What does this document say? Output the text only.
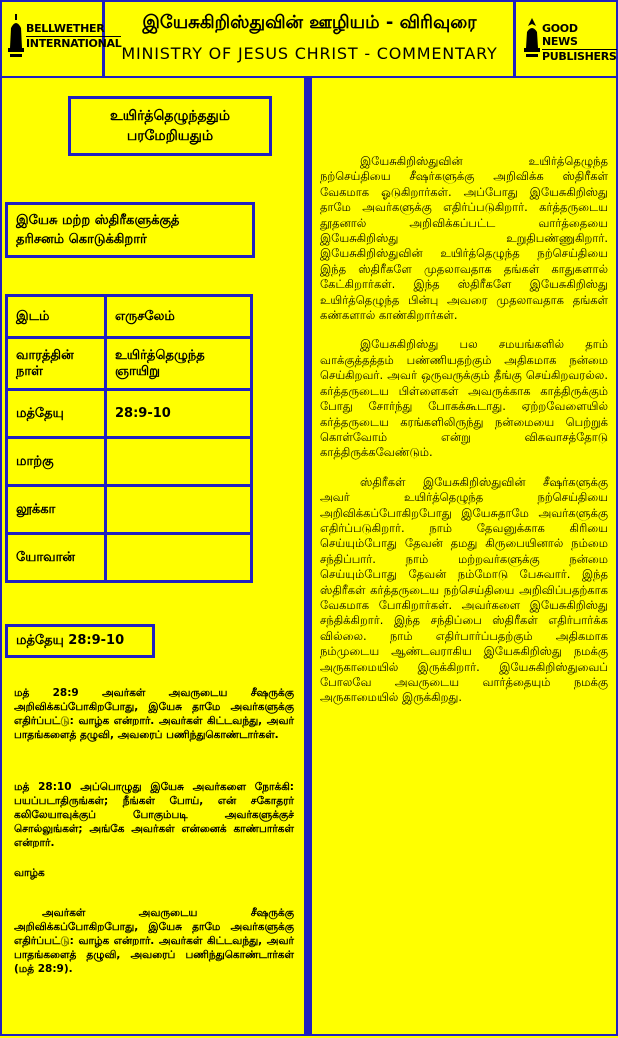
BELLWETHER
INTERNATIONAL
இயேசுகிறிஸ்துவின் ஊழியம் - விரிவுரை
MINISTRY OF JESUS CHRIST - COMMENTARY
GOOD NEWS
PUBLISHERS
உயிர்த்தெழுந்ததும்
பரமேறியதும்
இயேசு மற்ற ஸ்திரீகளுக்குத்
தரிசனம் கொடுக்கிறார்
இடம்	எருசலேம்
வாரத்தின் நாள்	உயிர்த்தெழுந்த ஞாயிறு
மத்தேயு	28:9-10
மாற்கு	
லூக்கா	
யோவான்	
மத்தேயு 28:9-10
மத் 28:9 அவர்கள் அவருடைய சீஷருக்கு அறிவிக்கப்போகிறபோது, இயேசு தாமே அவர்களுக்கு எதிர்ப்பட்டு: வாழ்க என்றார். அவர்கள் கிட்டவந்து, அவர் பாதங்களைத் தழுவி, அவரைப் பணிந்துகொண்டார்கள்.
மத் 28:10 அப்பொழுது இயேசு அவர்களை நோக்கி: பயப்படாதிருங்கள்; நீங்கள் போய், என் சகோதரர் கலிலேயாவுக்குப் போகும்படி அவர்களுக்குச் சொல்லுங்கள்; அங்கே அவர்கள் என்னைக் காண்பார்கள் என்றார்.
வாழ்க
அவர்கள் அவருடைய சீஷருக்கு அறிவிக்கப்போகிறபோது, இயேசு தாமே அவர்களுக்கு எதிர்ப்பட்டு: வாழ்க என்றார். அவர்கள் கிட்டவந்து, அவர் பாதங்களைத் தழுவி, அவரைப் பணிந்துகொண்டார்கள் (மத் 28:9).

இயேசுகிறிஸ்துவின் உயிர்த்தெழுந்த நற்செய்தியை சீஷர்களுக்கு அறிவிக்க ஸ்திரீகள் வேகமாக ஓடுகிறார்கள். அப்போது இயேசுகிறிஸ்து தாமே அவர்களுக்கு எதிர்ப்படுகிறார். கர்த்தருடைய தூதனால் அறிவிக்கப்பட்ட வார்த்தையை இயேசுகிறிஸ்து உறுதிபண்ணுகிறார். இயேசுகிறிஸ்துவின் உயிர்த்தெழுந்த நற்செய்தியை இந்த ஸ்திரீகளே முதலாவதாக தங்கள் காதுகளால் கேட்கிறார்கள். இந்த ஸ்திரீகளே இயேசுகிறிஸ்து உயிர்த்தெழுந்த பின்பு அவரை முதலாவதாக தங்கள் கண்களால் காண்கிறார்கள்.

இயேசுகிறிஸ்து பல சமயங்களில் தாம் வாக்குத்தத்தம் பண்ணியதற்கும் அதிகமாக நன்மை செய்கிறவர். அவர் ஒருவருக்கும் தீங்கு செய்கிறவரல்ல. கர்த்தருடைய பிள்ளைகள் அவருக்காக காத்திருக்கும் போது சோர்ந்து போகக்கூடாது. ஏற்றவேளையில் கர்த்தருடைய கரங்களிலிருந்து நன்மையை பெற்றுக் கொள்வோம் என்று விசுவாசத்தோடு காத்திருக்கவேண்டும்.

ஸ்திரீகள் இயேசுகிறிஸ்துவின் சீஷர்களுக்கு அவர் உயிர்த்தெழுந்த நற்செய்தியை அறிவிக்கப்போகிறபோது இயேசுதாமே அவர்களுக்கு எதிர்ப்படுகிறார். நாம் தேவனுக்காக கிரியை செய்யும்போது தேவன் தமது கிருபையினால் நம்மை சந்திப்பார். நாம் மற்றவர்களுக்கு நன்மை செய்யும்போது தேவன் நம்மோடு பேசுவார். இந்த ஸ்திரீகள் கர்த்தருடைய நற்செய்தியை அறிவிப்பதற்காக வேகமாக போகிறார்கள். அவர்களை இயேசுகிறிஸ்து சந்திக்கிறார். இந்த சந்திப்பை ஸ்திரீகள் எதிர்பார்க்க வில்லை. நாம் எதிர்பார்ப்பதற்கும் அதிகமாக நம்முடைய ஆண்டவராகிய இயேசுகிறிஸ்து நமக்கு அருகாமையில் இருக்கிறார். இயேசுகிறிஸ்துவைப் போலவே அவருடைய வார்த்தையும் நமக்கு அருகாமையில் இருக்கிறது.
